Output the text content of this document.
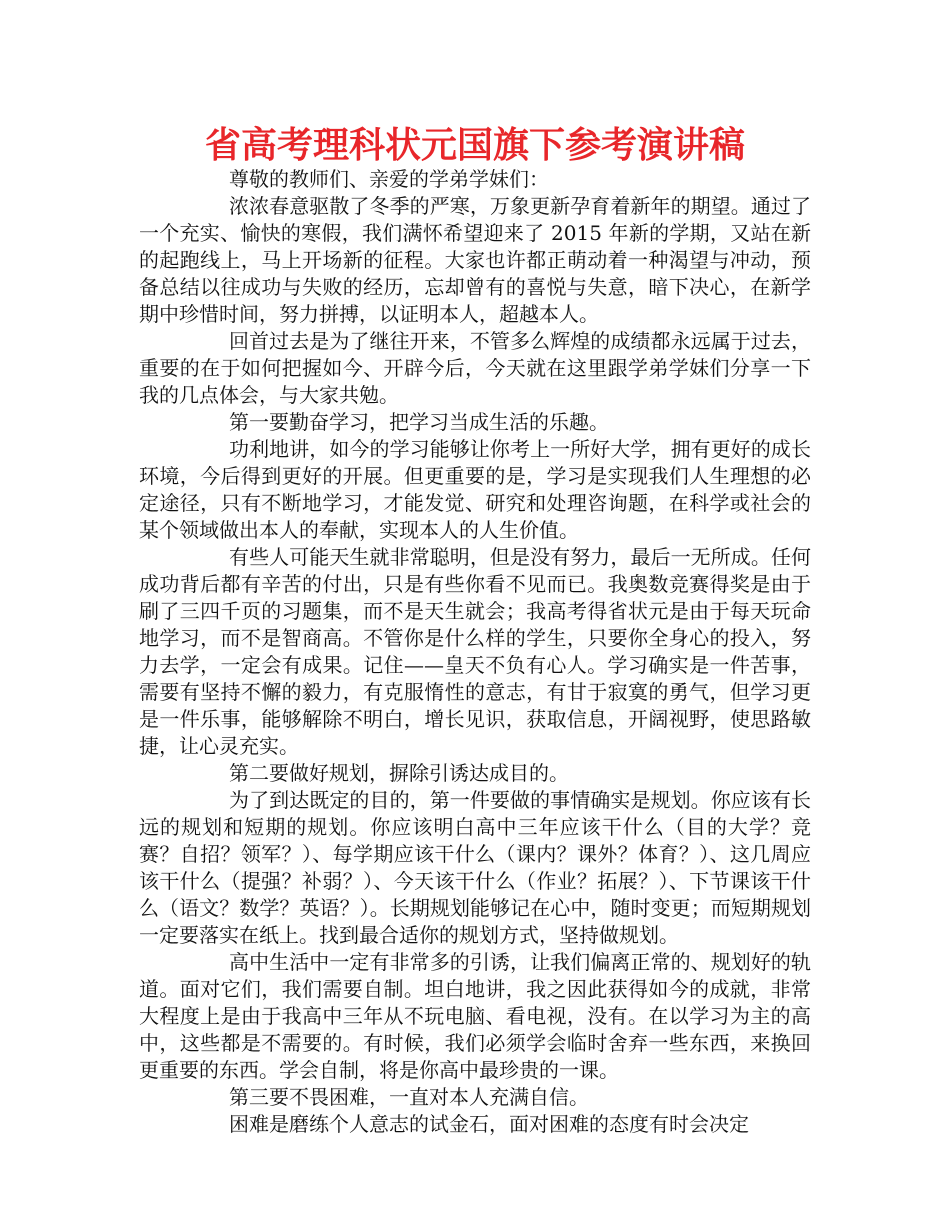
省高考理科状元国旗下参考演讲稿

尊敬的教师们、亲爱的学弟学妹们：

浓浓春意驱散了冬季的严寒，万象更新孕育着新年的期望。通过了一个充实、愉快的寒假，我们满怀希望迎来了 2015 年新的学期，又站在新的起跑线上，马上开场新的征程。大家也许都正萌动着一种渴望与冲动，预备总结以往成功与失败的经历，忘却曾有的喜悦与失意，暗下决心，在新学期中珍惜时间，努力拼搏，以证明本人，超越本人。

回首过去是为了继往开来，不管多么辉煌的成绩都永远属于过去，重要的在于如何把握如今、开辟今后，今天就在这里跟学弟学妹们分享一下我的几点体会，与大家共勉。

第一要勤奋学习，把学习当成生活的乐趣。

功利地讲，如今的学习能够让你考上一所好大学，拥有更好的成长环境，今后得到更好的开展。但更重要的是，学习是实现我们人生理想的必定途径，只有不断地学习，才能发觉、研究和处理咨询题，在科学或社会的某个领域做出本人的奉献，实现本人的人生价值。

有些人可能天生就非常聪明，但是没有努力，最后一无所成。任何成功背后都有辛苦的付出，只是有些你看不见而已。我奥数竞赛得奖是由于刷了三四千页的习题集，而不是天生就会；我高考得省状元是由于每天玩命地学习，而不是智商高。不管你是什么样的学生，只要你全身心的投入，努力去学，一定会有成果。记住——皇天不负有心人。学习确实是一件苦事，需要有坚持不懈的毅力，有克服惰性的意志，有甘于寂寞的勇气，但学习更是一件乐事，能够解除不明白，增长见识，获取信息，开阔视野，使思路敏捷，让心灵充实。

第二要做好规划，摒除引诱达成目的。

为了到达既定的目的，第一件要做的事情确实是规划。你应该有长远的规划和短期的规划。你应该明白高中三年应该干什么（目的大学？竞赛？自招？领军？）、每学期应该干什么（课内？课外？体育？）、这几周应该干什么（提强？补弱？）、今天该干什么（作业？拓展？）、下节课该干什么（语文？数学？英语？）。长期规划能够记在心中，随时变更；而短期规划一定要落实在纸上。找到最合适你的规划方式，坚持做规划。

高中生活中一定有非常多的引诱，让我们偏离正常的、规划好的轨道。面对它们，我们需要自制。坦白地讲，我之因此获得如今的成就，非常大程度上是由于我高中三年从不玩电脑、看电视，没有。在以学习为主的高中，这些都是不需要的。有时候，我们必须学会临时舍弃一些东西，来换回更重要的东西。学会自制，将是你高中最珍贵的一课。

第三要不畏困难，一直对本人充满自信。

困难是磨练个人意志的试金石，面对困难的态度有时会决定
